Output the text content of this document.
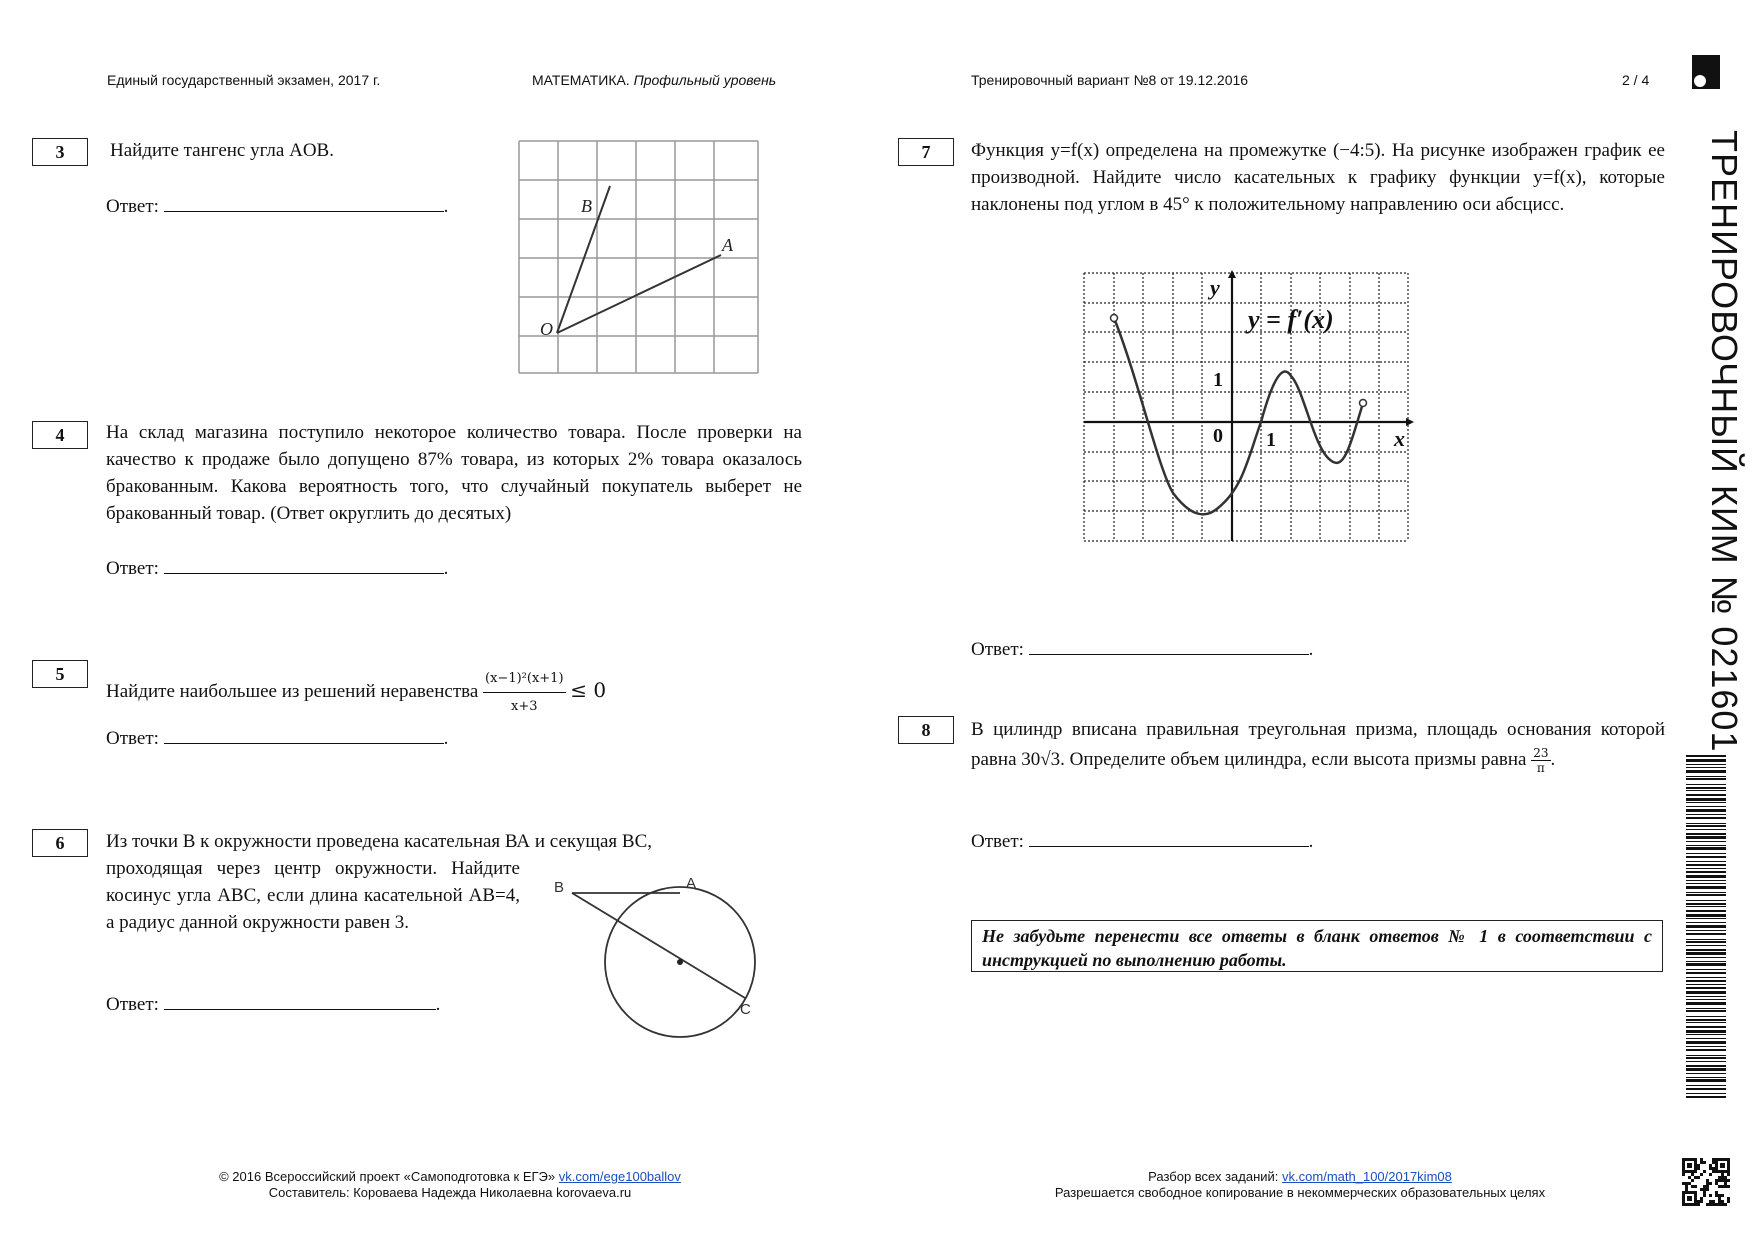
Единый государственный экзамен, 2017 г.	МАТЕМАТИКА. Профильный уровень	Тренировочный вариант №8 от 19.12.2016	2 / 4
3	Найдите тангенс угла AOB.
Ответ:	.	B
A
O
4	На склад магазина поступило некоторое количество товара. После проверки на качество к продаже было допущено 87% товара, из которых 2% товара оказалось бракованным. Какова вероятность того, что случайный покупатель выберет не бракованный товар. (Ответ округлить до десятых)
Ответ:	.
5
Найдите наибольшее из решений неравенства $\frac{\text{(x−1)²(x+1)}}{x+3} \le 0$
Ответ:	.
6	Из точки В к окружности проведена касательная ВА и секущая ВС,
проходящая через центр окружности. Найдите косинус угла АВС, если длина касательной АВ=4, а радиус данной окружности равен 3.
Ответ:	.
B	A
C
7	Функция y=f(x) определена на промежутке (−4:5). На рисунке изображен график ее производной. Найдите число касательных к графику функции y=f(x), которые наклонены под углом в 45° к положительному направлению оси абсцисс.
y
x
y = f′(x)
1
1
0
Ответ:	.
8	В цилиндр вписана правильная треугольная призма, площадь основания которой равна 30√3. Определите объем цилиндра, если высота призмы равна $\frac{23}{\pi}$ .
Ответ:	.
Не забудьте перенести все ответы в бланк ответов № 1 в соответствии с инструкцией по выполнению работы.
ТРЕНИРОВОЧНЫЙ КИМ № 021601
© 2016 Всероссийский проект «Самоподготовка к ЕГЭ» vk.com/ege100ballov
Составитель: Короваева Надежда Николаевна korovaeva.ru
Разбор всех заданий: vk.com/math_100/2017kim08
Разрешается свободное копирование в некоммерческих образовательных целях
